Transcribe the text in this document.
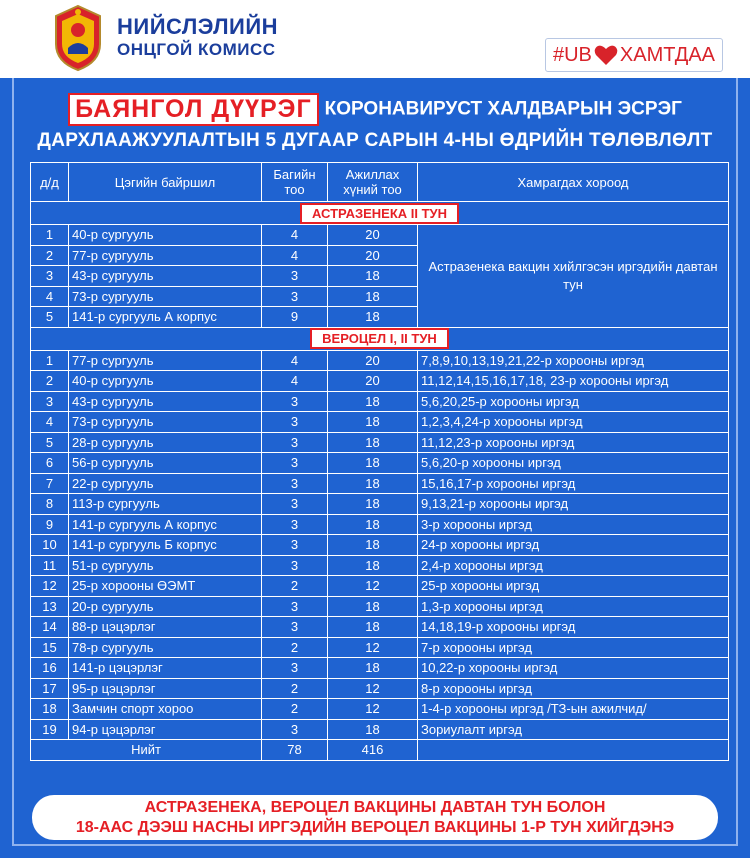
НИЙСЛЭЛИЙН
ОНЦГОЙ КОМИСС	#UB ХАМТДАА
БАЯНГОЛ ДҮҮРЭГ КОРОНАВИРУСТ ХАЛДВАРЫН ЭСРЭГ
ДАРХЛААЖУУЛАЛТЫН 5 ДУГААР САРЫН 4-НЫ ӨДРИЙН ТӨЛӨВЛӨЛТ
д/д	Цэгийн байршил	Багийн тоо	Ажиллах хүний тоо	Хамрагдах хороод
АСТРАЗЕНЕКА II ТУН				
1	40-р сургууль	4	20	Астразенека вакцин хийлгэсэн иргэдийн давтан тун
2	77-р сургууль	4	20	
3	43-р сургууль	3	18	
4	73-р сургууль	3	18	
5	141-р сургууль А корпус	9	18	
ВЕРОЦЕЛ I, II ТУН				
1	77-р сургууль	4	20	7,8,9,10,13,19,21,22-р хорооны иргэд
2	40-р сургууль	4	20	11,12,14,15,16,17,18, 23-р хорооны иргэд
3	43-р сургууль	3	18	5,6,20,25-р хорооны иргэд
4	73-р сургууль	3	18	1,2,3,4,24-р хорооны иргэд
5	28-р сургууль	3	18	11,12,23-р хорооны иргэд
6	56-р сургууль	3	18	5,6,20-р хорооны иргэд
7	22-р сургууль	3	18	15,16,17-р хорооны иргэд
8	113-р сургууль	3	18	9,13,21-р хорооны иргэд
9	141-р сургууль А корпус	3	18	3-р хорооны иргэд
10	141-р сургууль Б корпус	3	18	24-р хорооны иргэд
11	51-р сургууль	3	18	2,4-р хорооны иргэд
12	25-р хорооны ӨЭМТ	2	12	25-р хорооны иргэд
13	20-р сургууль	3	18	1,3-р хорооны иргэд
14	88-р цэцэрлэг	3	18	14,18,19-р хорооны иргэд
15	78-р сургууль	2	12	7-р хорооны иргэд
16	141-р цэцэрлэг	3	18	10,22-р хорооны иргэд
17	95-р цэцэрлэг	2	12	8-р хорооны иргэд
18	Замчин спорт хороо	2	12	1-4-р хорооны иргэд /ТЗ-ын ажилчид/
19	94-р цэцэрлэг	3	18	Зориулалт иргэд
Нийт		78	416	
АСТРАЗЕНЕКА, ВЕРОЦЕЛ ВАКЦИНЫ ДАВТАН ТУН БОЛОН
18-ААС ДЭЭШ НАСНЫ ИРГЭДИЙН ВЕРОЦЕЛ ВАКЦИНЫ 1-Р ТУН ХИЙГДЭНЭ
